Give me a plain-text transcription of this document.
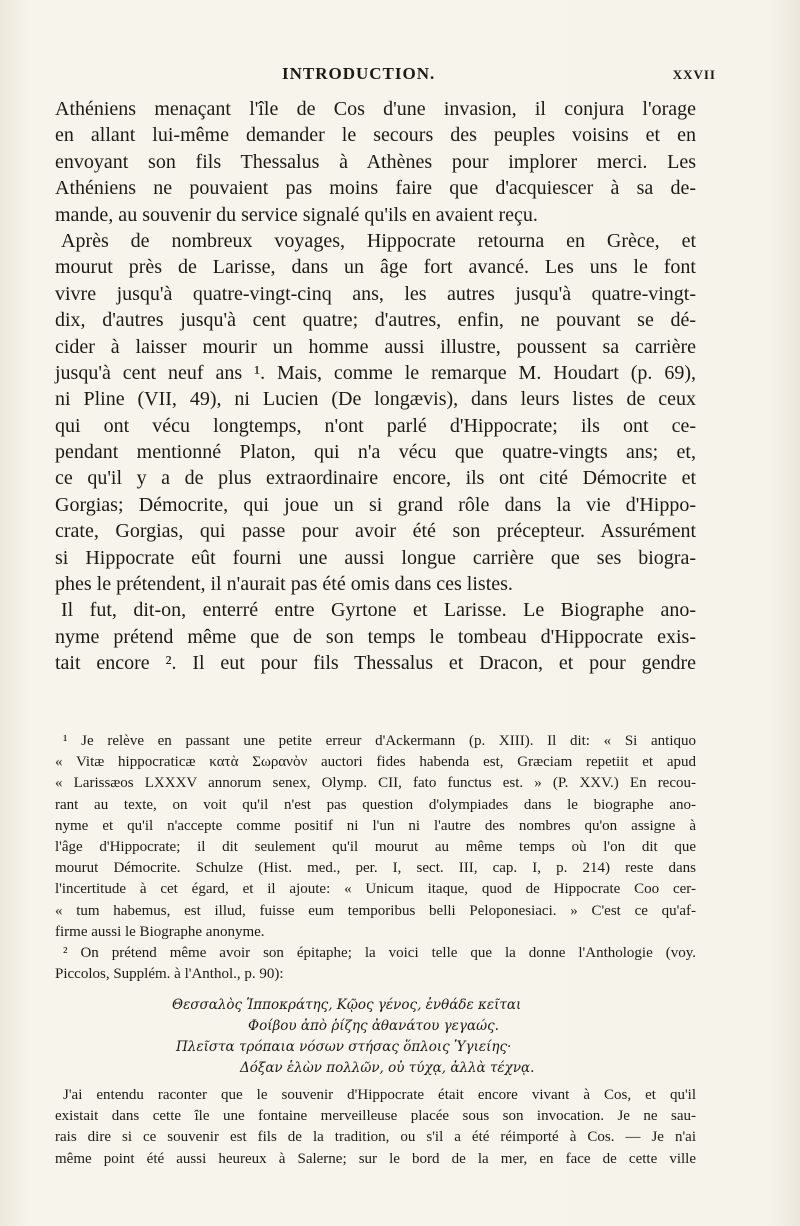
INTRODUCTION.	XXVII
Athéniens menaçant l'île de Cos d'une invasion, il conjura l'orage
en allant lui-même demander le secours des peuples voisins et en
envoyant son fils Thessalus à Athènes pour implorer merci. Les
Athéniens ne pouvaient pas moins faire que d'acquiescer à sa de-
mande, au souvenir du service signalé qu'ils en avaient reçu.
Après de nombreux voyages, Hippocrate retourna en Grèce, et
mourut près de Larisse, dans un âge fort avancé. Les uns le font
vivre jusqu'à quatre-vingt-cinq ans, les autres jusqu'à quatre-vingt-
dix, d'autres jusqu'à cent quatre; d'autres, enfin, ne pouvant se dé-
cider à laisser mourir un homme aussi illustre, poussent sa carrière
jusqu'à cent neuf ans ¹. Mais, comme le remarque M. Houdart (p. 69),
ni Pline (VII, 49), ni Lucien (De longævis), dans leurs listes de ceux
qui ont vécu longtemps, n'ont parlé d'Hippocrate; ils ont ce-
pendant mentionné Platon, qui n'a vécu que quatre-vingts ans; et,
ce qu'il y a de plus extraordinaire encore, ils ont cité Démocrite et
Gorgias; Démocrite, qui joue un si grand rôle dans la vie d'Hippo-
crate, Gorgias, qui passe pour avoir été son précepteur. Assurément
si Hippocrate eût fourni une aussi longue carrière que ses biogra-
phes le prétendent, il n'aurait pas été omis dans ces listes.
Il fut, dit-on, enterré entre Gyrtone et Larisse. Le Biographe ano-
nyme prétend même que de son temps le tombeau d'Hippocrate exis-
tait encore ². Il eut pour fils Thessalus et Dracon, et pour gendre
¹ Je relève en passant une petite erreur d'Ackermann (p. XIII). Il dit: « Si antiquo
« Vitæ hippocraticæ κατὰ Σωρανὸν auctori fides habenda est, Græciam repetiit et apud
« Larissæos LXXXV annorum senex, Olymp. CII, fato functus est. » (P. XXV.) En recou-
rant au texte, on voit qu'il n'est pas question d'olympiades dans le biographe ano-
nyme et qu'il n'accepte comme positif ni l'un ni l'autre des nombres qu'on assigne à
l'âge d'Hippocrate; il dit seulement qu'il mourut au même temps où l'on dit que
mourut Démocrite. Schulze (Hist. med., per. I, sect. III, cap. I, p. 214) reste dans
l'incertitude à cet égard, et il ajoute: « Unicum itaque, quod de Hippocrate Coo cer-
« tum habemus, est illud, fuisse eum temporibus belli Peloponesiaci. » C'est ce qu'af-
firme aussi le Biographe anonyme.
² On prétend même avoir son épitaphe; la voici telle que la donne l'Anthologie (voy.
Piccolos, Supplém. à l'Anthol., p. 90):
Θεσσαλὸς Ἱπποκράτης, Κῷος γένος, ἐνθάδε κεῖται
Φοίβου ἀπὸ ῥίζης ἀθανάτου γεγαώς.
Πλεῖστα τρόπαια νόσων στήσας ὅπλοις Ὑγιείης·
Δόξαν ἑλὼν πολλῶν, οὐ τύχᾳ, ἀλλὰ τέχνᾳ.
J'ai entendu raconter que le souvenir d'Hippocrate était encore vivant à Cos, et qu'il
existait dans cette île une fontaine merveilleuse placée sous son invocation. Je ne sau-
rais dire si ce souvenir est fils de la tradition, ou s'il a été réimporté à Cos. — Je n'ai
même point été aussi heureux à Salerne; sur le bord de la mer, en face de cette ville
